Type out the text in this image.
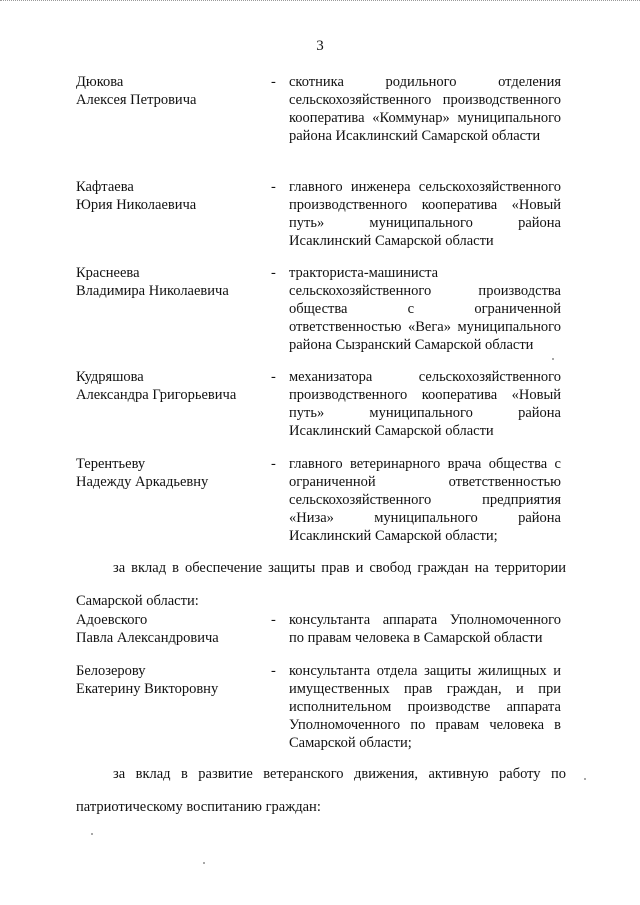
3
Дюкова
Алексея Петровича
- скотника родильного отделения сельскохозяйственного производственного кооператива «Коммунар» муниципального района Исаклинский Самарской области
Кафтаева
Юрия Николаевича
- главного инженера сельскохозяйственного производственного кооператива «Новый путь» муниципального района Исаклинский Самарской области
Краснеева
Владимира Николаевича
- тракториста-машиниста сельскохозяйственного производства общества с ограниченной ответственностью «Вега» муниципального района Сызранский Самарской области
Кудряшова
Александра Григорьевича
- механизатора сельскохозяйственного производственного кооператива «Новый путь» муниципального района Исаклинский Самарской области
Терентьеву
Надежду Аркадьевну
- главного ветеринарного врача общества с ограниченной ответственностью сельскохозяйственного предприятия «Низа» муниципального района Исаклинский Самарской области;
за вклад в обеспечение защиты прав и свобод граждан на территории Самарской области:
Адоевского
Павла Александровича
- консультанта аппарата Уполномоченного по правам человека в Самарской области
Белозерову
Екатерину Викторовну
- консультанта отдела защиты жилищных и имущественных прав граждан, и при исполнительном производстве аппарата Уполномоченного по правам человека в Самарской области;
за вклад в развитие ветеранского движения, активную работу по патриотическому воспитанию граждан:
